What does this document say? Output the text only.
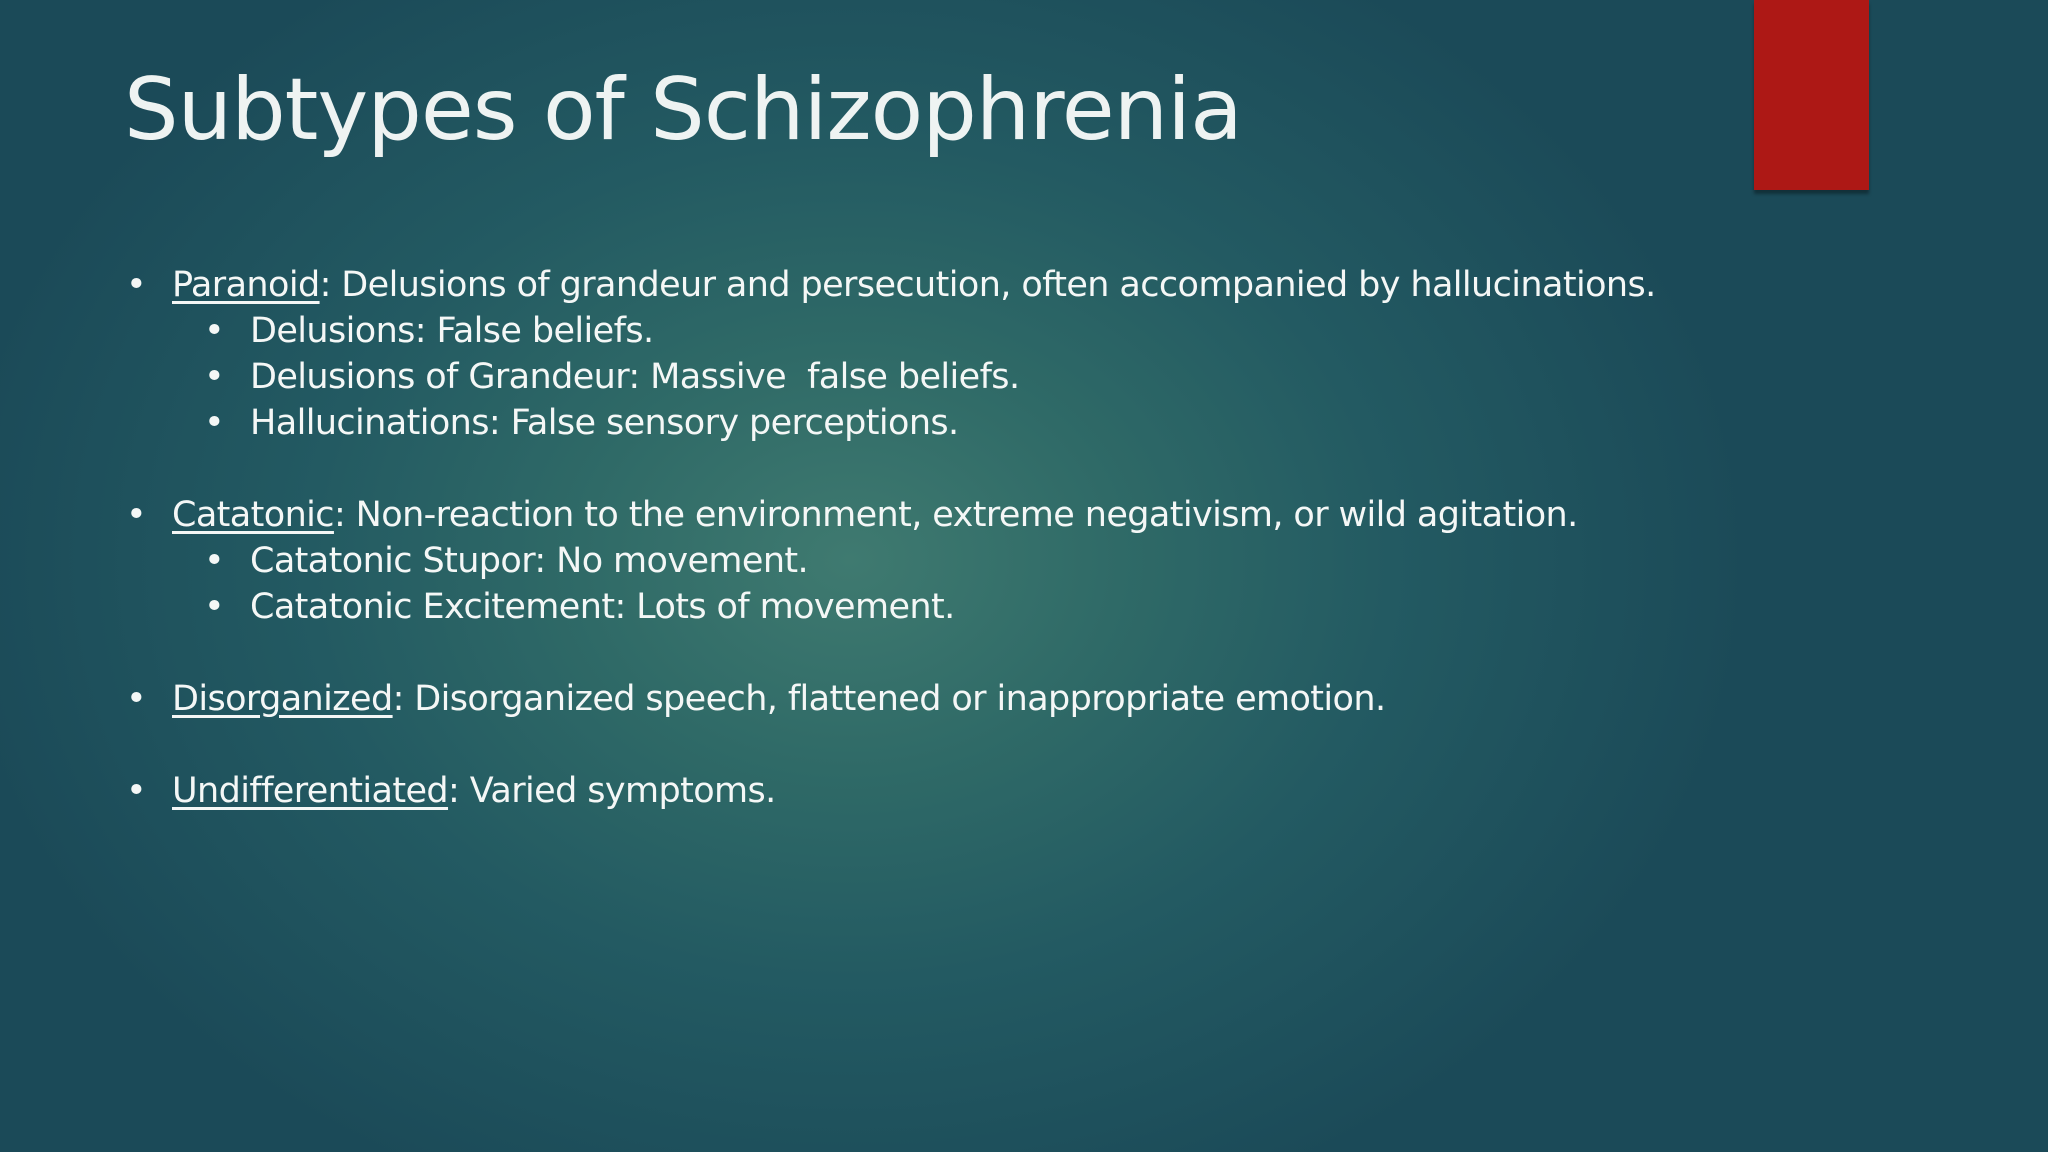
Subtypes of Schizophrenia
• Paranoid: Delusions of grandeur and persecution, often accompanied by hallucinations.
• Delusions: False beliefs.
• Delusions of Grandeur: Massive  false beliefs.
• Hallucinations: False sensory perceptions.
• Catatonic: Non-reaction to the environment, extreme negativism, or wild agitation.
• Catatonic Stupor: No movement.
• Catatonic Excitement: Lots of movement.
• Disorganized: Disorganized speech, flattened or inappropriate emotion.
• Undifferentiated: Varied symptoms.
